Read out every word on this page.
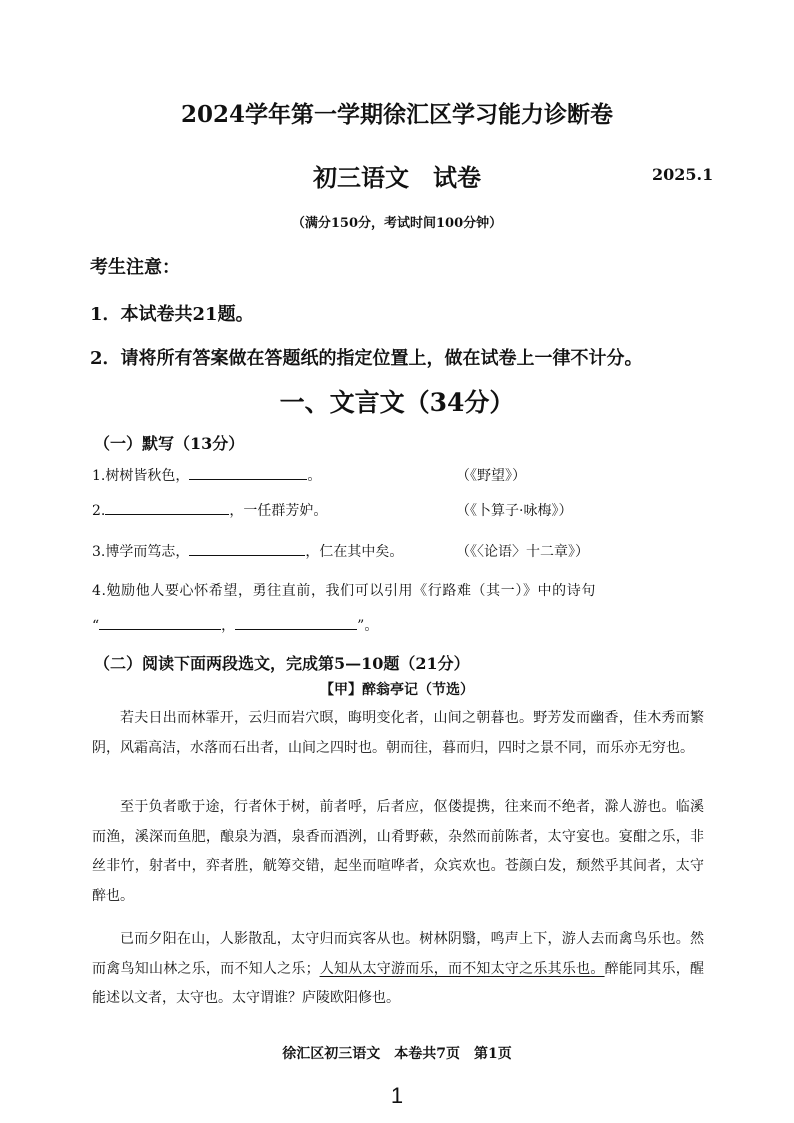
2024学年第一学期徐汇区学习能力诊断卷
初三语文　试卷	2025.1
（满分150分，考试时间100分钟）
考生注意：
1．本试卷共21题。
2．请将所有答案做在答题纸的指定位置上，做在试卷上一律不计分。
一、文言文（34分）
（一）默写（13分）
1.树树皆秋色，	。	（《野望》）
2.	，一任群芳妒。	（《卜算子·咏梅》）
3.博学而笃志，	，仁在其中矣。	（《〈论语〉十二章》）
4.勉励他人要心怀希望，勇往直前，我们可以引用《行路难（其一）》中的诗句
“	，	”。
（二）阅读下面两段选文，完成第5—10题（21分）
【甲】醉翁亭记（节选）

若夫日出而林霏开，云归而岩穴暝，晦明变化者，山间之朝暮也。野芳发而幽香，佳木秀而繁阴，风霜高洁，水落而石出者，山间之四时也。朝而往，暮而归，四时之景不同，而乐亦无穷也。

至于负者歌于途，行者休于树，前者呼，后者应，伛偻提携，往来而不绝者，滁人游也。临溪而渔，溪深而鱼肥，酿泉为酒，泉香而酒洌，山肴野蔌，杂然而前陈者，太守宴也。宴酣之乐，非丝非竹，射者中，弈者胜，觥筹交错，起坐而喧哗者，众宾欢也。苍颜白发，颓然乎其间者，太守醉也。

已而夕阳在山，人影散乱，太守归而宾客从也。树林阴翳，鸣声上下，游人去而禽鸟乐也。然而禽鸟知山林之乐，而不知人之乐；人知从太守游而乐，而不知太守之乐其乐也。醉能同其乐，醒能述以文者，太守也。太守谓谁？庐陵欧阳修也。

徐汇区初三语文　本卷共7页　第1页
1
